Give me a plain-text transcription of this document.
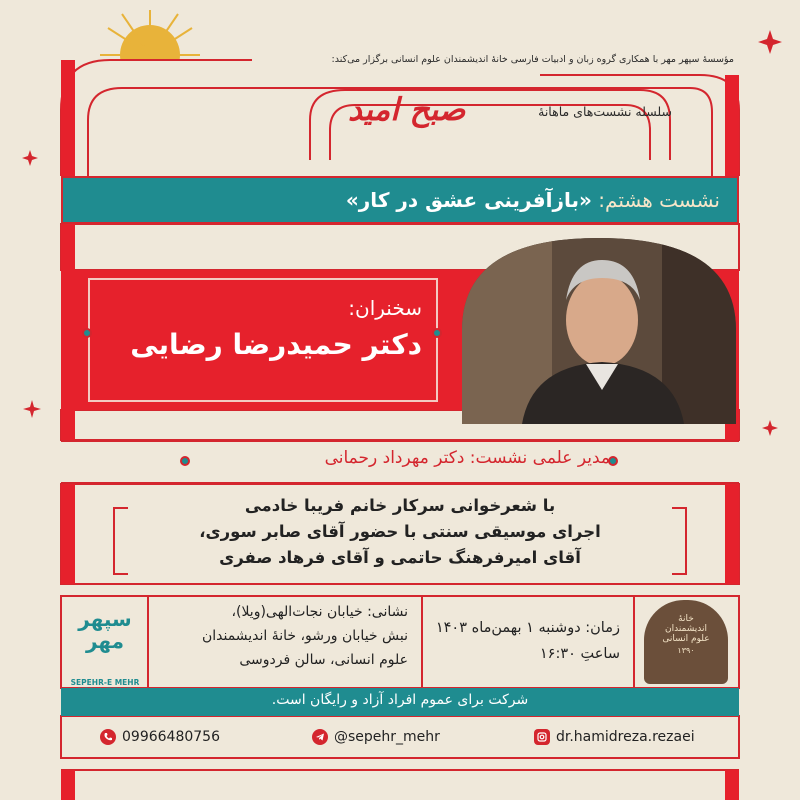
مؤسسۀ سپهر مهر با همکاری گروه زبان و ادبیات فارسی خانۀ اندیشمندان علوم انسانی برگزار می‌کند:
سلسله نشست‌های ماهانۀ
صبح امید
نشست هشتم: «بازآفرینی عشق در کار»
سخنران:
دکتر حمیدرضا رضایی
مدیر علمی نشست: دکتر مهرداد رحمانی
با شعرخوانی سرکار خانم فریبا خادمی
اجرای موسیقی سنتی با حضور آقای صابر سوری،
آقای امیرفرهنگ حاتمی و آقای فرهاد صفری
سپهر مهر
SEPEHR-E MEHR
نشانی: خیابان نجات‌الهی(ویلا)،
نبش خیابان ورشو، خانۀ اندیشمندان
علوم انسانی، سالن فردوسی
زمان: دوشنبه ۱ بهمن‌ماه ۱۴۰۳
ساعتِ ۱۶:۳۰
خانۀ
اندیشمندان
علوم انسانی
۱۳۹۰
شرکت برای عموم افراد آزاد و رایگان است.
09966480756	@sepehr_mehr	dr.hamidreza.rezaei
